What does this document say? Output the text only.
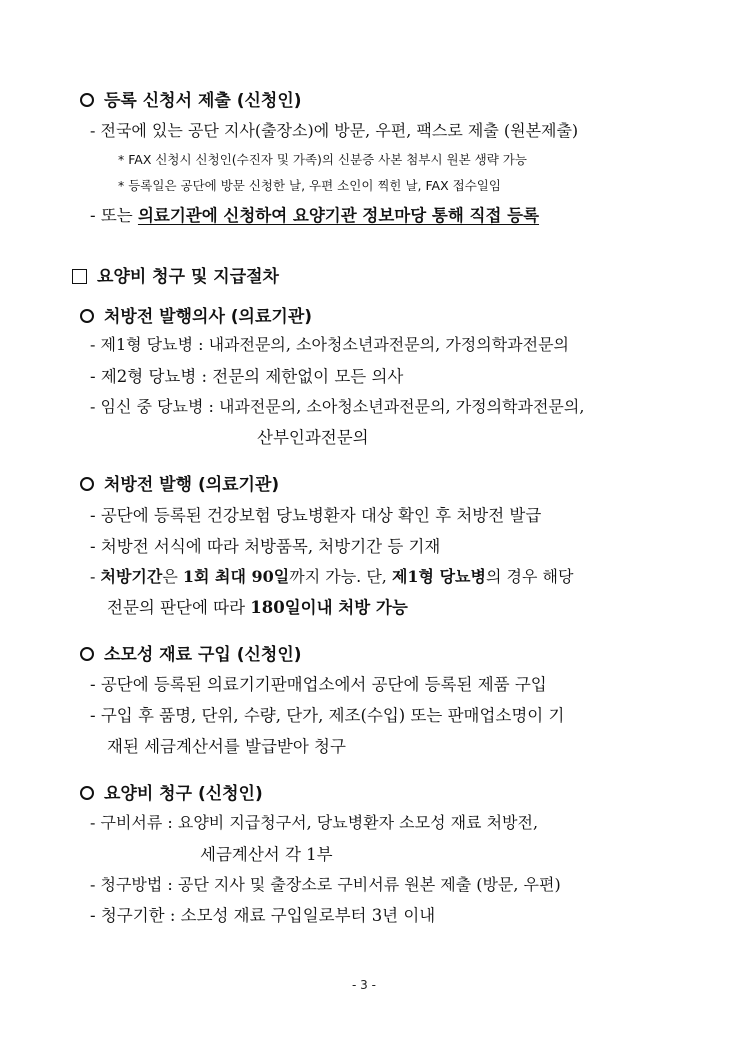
등록 신청서 제출 (신청인)
- 전국에 있는 공단 지사(출장소)에 방문, 우편, 팩스로 제출 (원본제출)
* FAX 신청시 신청인(수진자 및 가족)의 신분증 사본 첨부시 원본 생략 가능
* 등록일은 공단에 방문 신청한 날, 우편 소인이 찍힌 날, FAX 접수일임
- 또는 의료기관에 신청하여 요양기관 정보마당 통해 직접 등록
요양비 청구 및 지급절차
처방전 발행의사 (의료기관)
- 제1형 당뇨병 : 내과전문의, 소아청소년과전문의, 가정의학과전문의
- 제2형 당뇨병 : 전문의 제한없이 모든 의사
- 임신 중 당뇨병 : 내과전문의, 소아청소년과전문의, 가정의학과전문의,
산부인과전문의
처방전 발행 (의료기관)
- 공단에 등록된 건강보험 당뇨병환자 대상 확인 후 처방전 발급
- 처방전 서식에 따라 처방품목, 처방기간 등 기재
- 처방기간은 1회 최대 90일까지 가능. 단, 제1형 당뇨병의 경우 해당
전문의 판단에 따라 180일이내 처방 가능
소모성 재료 구입 (신청인)
- 공단에 등록된 의료기기판매업소에서 공단에 등록된 제품 구입
- 구입 후 품명, 단위, 수량, 단가, 제조(수입) 또는 판매업소명이 기
재된 세금계산서를 발급받아 청구
요양비 청구 (신청인)
- 구비서류 : 요양비 지급청구서, 당뇨병환자 소모성 재료 처방전,
세금계산서 각 1부
- 청구방법 : 공단 지사 및 출장소로 구비서류 원본 제출 (방문, 우편)
- 청구기한 : 소모성 재료 구입일로부터 3년 이내
- 3 -
